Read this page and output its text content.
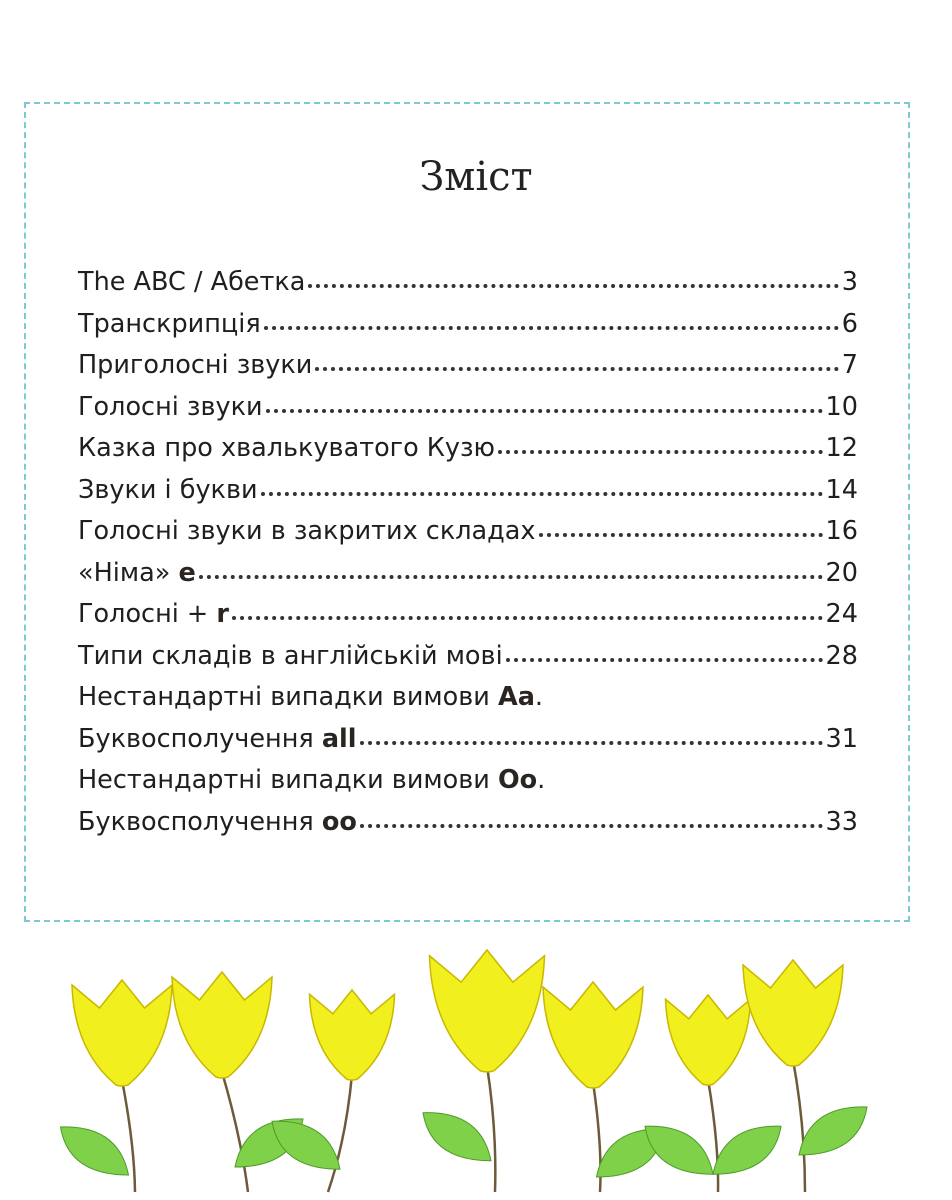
Зміст
The ABC / Абетка	3
Транскрипція	6
Приголосні звуки	7
Голосні звуки	10
Казка про хвалькуватого Кузю	12
Звуки і букви	14
Голосні звуки в закритих складах	16
«Німа» e	20
Голосні + r	24
Типи складів в англійській мові	28
Нестандартні випадки вимови Aa.
Буквосполучення all	31
Нестандартні випадки вимови Oo.
Буквосполучення oo	33
